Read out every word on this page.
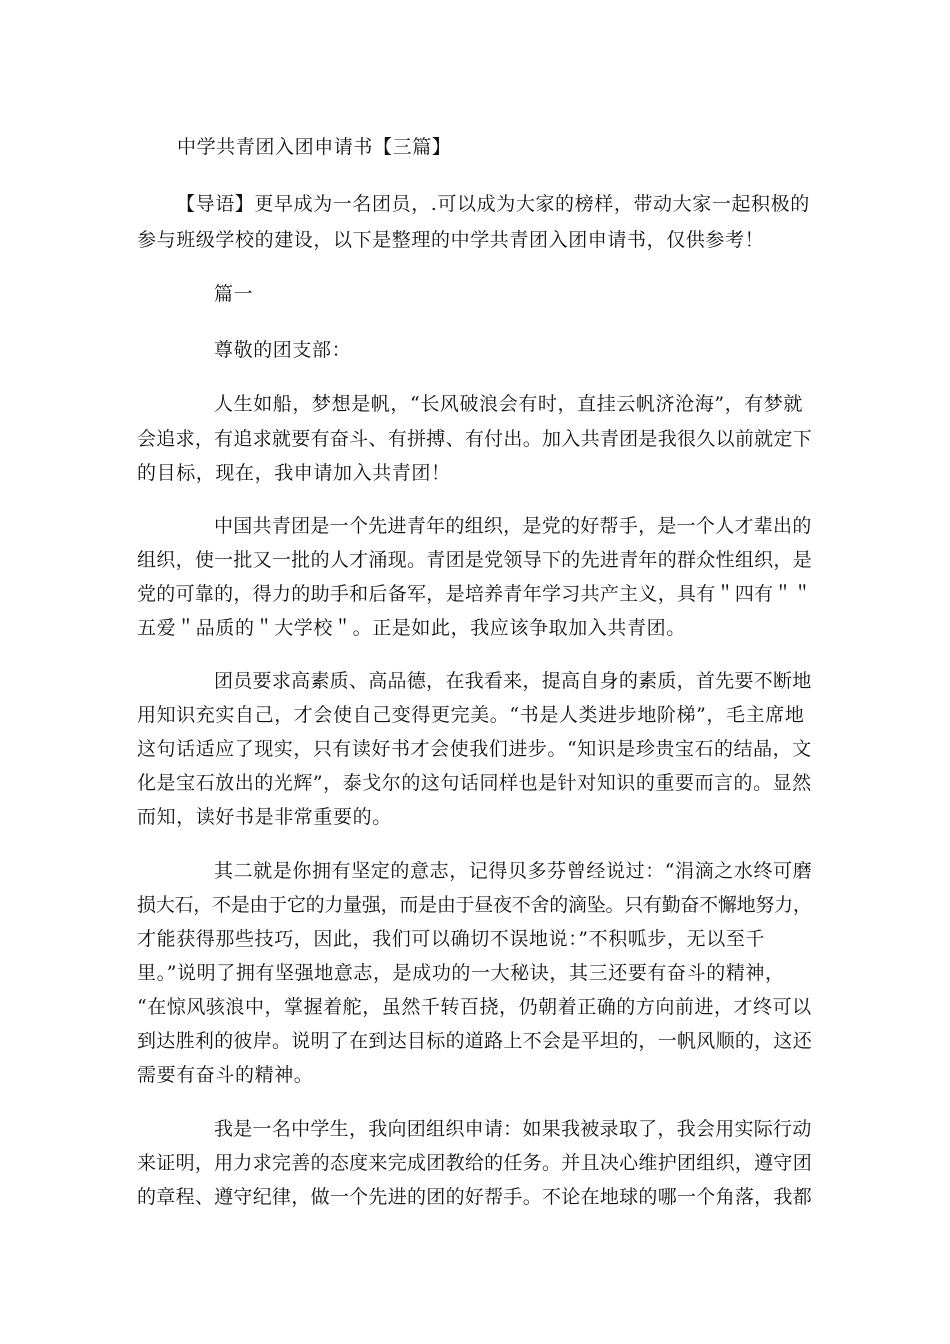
中学共青团入团申请书【三篇】
【导语】更早成为一名团员，.可以成为大家的榜样，带动大家一起积极的
参与班级学校的建设，以下是整理的中学共青团入团申请书，仅供参考！
篇一
尊敬的团支部：
人生如船，梦想是帆，“长风破浪会有时，直挂云帆济沧海”，有梦就
会追求，有追求就要有奋斗、有拼搏、有付出。加入共青团是我很久以前就定下
的目标，现在，我申请加入共青团！
中国共青团是一个先进青年的组织，是党的好帮手，是一个人才辈出的
组织，使一批又一批的人才涌现。青团是党领导下的先进青年的群众性组织，是
党的可靠的，得力的助手和后备军，是培养青年学习共产主义，具有＂四有＂＂
五爱＂品质的＂大学校＂。正是如此，我应该争取加入共青团。
团员要求高素质、高品德，在我看来，提高自身的素质，首先要不断地
用知识充实自己，才会使自己变得更完美。“书是人类进步地阶梯”，毛主席地
这句话适应了现实，只有读好书才会使我们进步。“知识是珍贵宝石的结晶，文
化是宝石放出的光辉”，泰戈尔的这句话同样也是针对知识的重要而言的。显然
而知，读好书是非常重要的。
其二就是你拥有坚定的意志，记得贝多芬曾经说过：“涓滴之水终可磨
损大石，不是由于它的力量强，而是由于昼夜不舍的滴坠。只有勤奋不懈地努力，
才能获得那些技巧，因此，我们可以确切不误地说：”不积呱步，无以至千
里。”说明了拥有坚强地意志，是成功的一大秘诀，其三还要有奋斗的精神，
“在惊风骇浪中，掌握着舵，虽然千转百挠，仍朝着正确的方向前进，才终可以
到达胜利的彼岸。说明了在到达目标的道路上不会是平坦的，一帆风顺的，这还
需要有奋斗的精神。
我是一名中学生，我向团组织申请：如果我被录取了，我会用实际行动
来证明，用力求完善的态度来完成团教给的任务。并且决心维护团组织，遵守团
的章程、遵守纪律，做一个先进的团的好帮手。不论在地球的哪一个角落，我都
